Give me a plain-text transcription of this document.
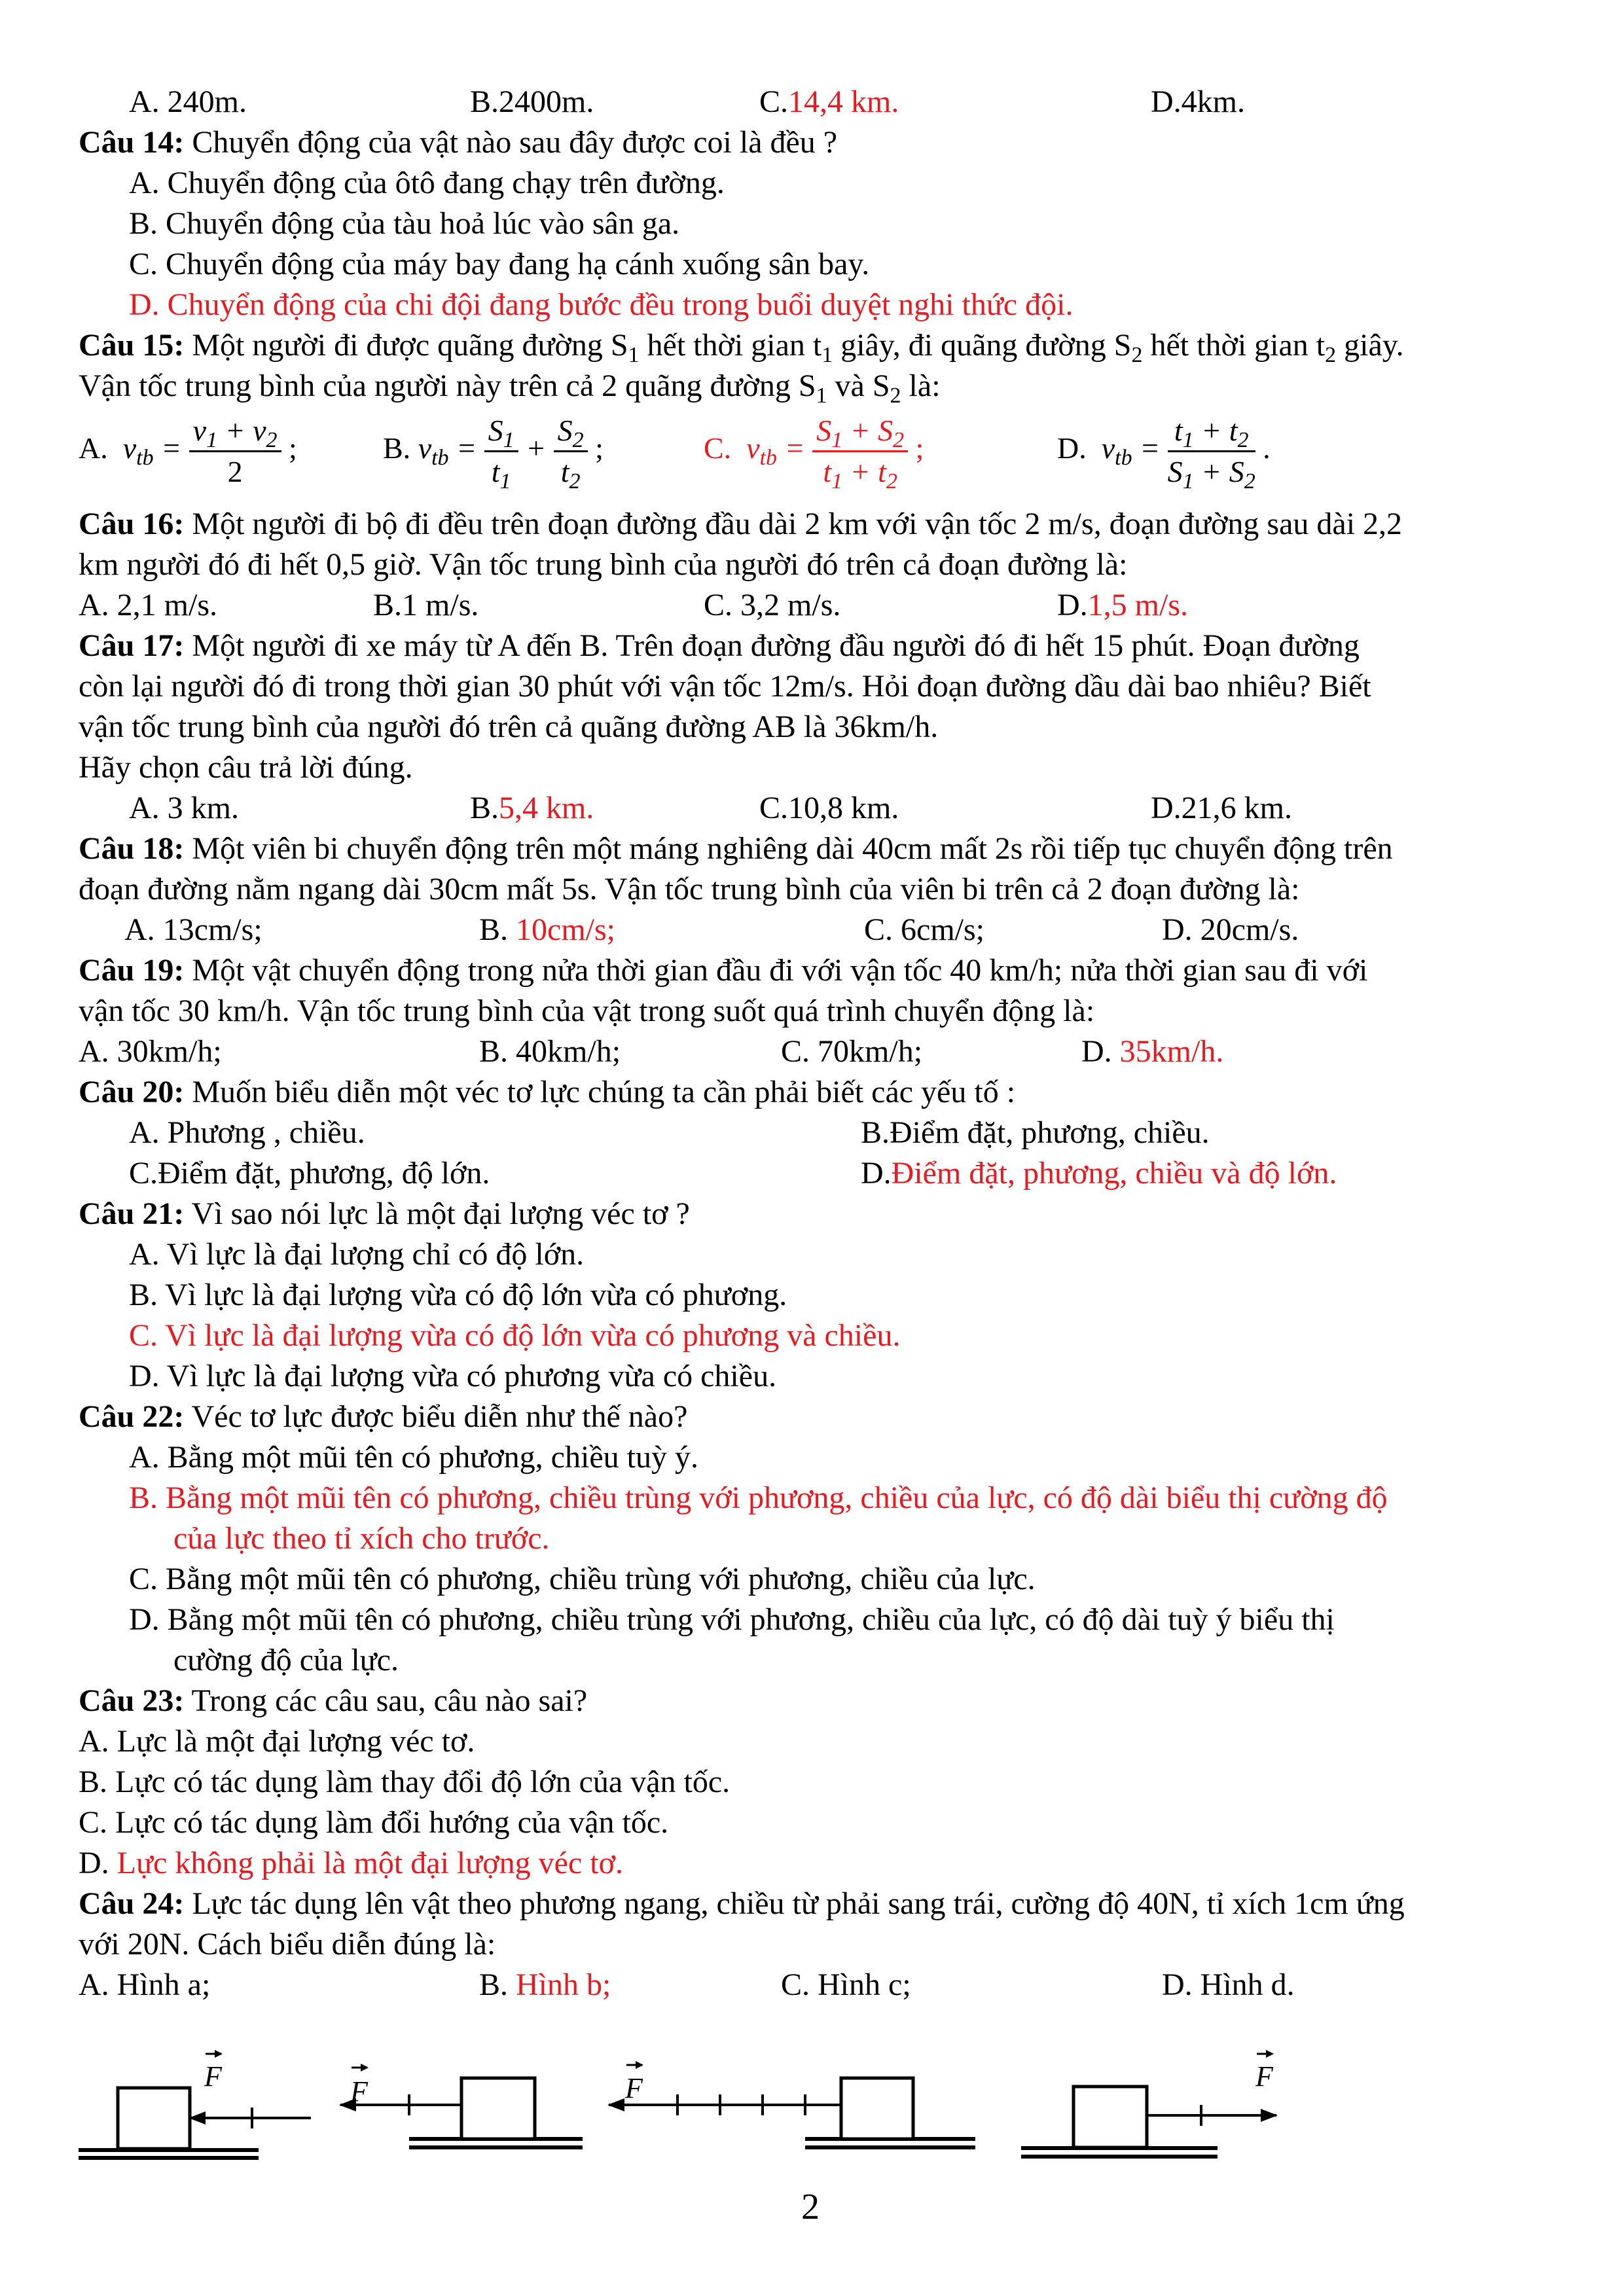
A. 240m.	B.2400m.	C.14,4 km.	D.4km.
Câu 14: Chuyển động của vật nào sau đây được coi là đều ?
A. Chuyển động của ôtô đang chạy trên đường.
B. Chuyển động của tàu hoả lúc vào sân ga.
C. Chuyển động của máy bay đang hạ cánh xuống sân bay.
D. Chuyển động của chi đội đang bước đều trong buổi duyệt nghi thức đội.
Câu 15: Một người đi được quãng đường $S_1$ hết thời gian $t_1$ giây, đi quãng đường $S_2$ hết thời gian $t_2$ giây.
Vận tốc trung bình của người này trên cả 2 quãng đường $S_1$ và $S_2$ là:
A.  $v_{tb} = \frac{v_1 + v_2}{2}$ ;	B. $v_{tb} = \frac{S_1}{t_1} + \frac{S_2}{t_2}$ ;	C.  $v_{tb} = \frac{S_1 + S_2}{t_1 + t_2}$ ;	D.  $v_{tb} = \frac{t_1 + t_2}{S_1 + S_2}$ .
Câu 16: Một người đi bộ đi đều trên đoạn đường đầu dài 2 km với vận tốc 2 m/s, đoạn đường sau dài 2,2
km người đó đi hết 0,5 giờ. Vận tốc trung bình của người đó trên cả đoạn đường là:
A. 2,1 m/s.	B.1 m/s.	C. 3,2 m/s.	D.1,5 m/s.
Câu 17: Một người đi xe máy từ A đến B. Trên đoạn đường đầu người đó đi hết 15 phút. Đoạn đường
còn lại người đó đi trong thời gian 30 phút với vận tốc 12m/s. Hỏi đoạn đường dầu dài bao nhiêu? Biết
vận tốc trung bình của người đó trên cả quãng đường AB là 36km/h.
Hãy chọn câu trả lời đúng.
A. 3 km.	B.5,4 km.	C.10,8 km.	D.21,6 km.
Câu 18: Một viên bi chuyển động trên một máng nghiêng dài 40cm mất 2s rồi tiếp tục chuyển động trên
đoạn đường nằm ngang dài 30cm mất 5s. Vận tốc trung bình của viên bi trên cả 2 đoạn đường là:
A. 13cm/s;	B. 10cm/s;	C. 6cm/s;	D. 20cm/s.
Câu 19: Một vật chuyển động trong nửa thời gian đầu đi với vận tốc 40 km/h; nửa thời gian sau đi với
vận tốc 30 km/h. Vận tốc trung bình của vật trong suốt quá trình chuyển động là:
A. 30km/h;	B. 40km/h;	C. 70km/h;	D. 35km/h.
Câu 20: Muốn biểu diễn một véc tơ lực chúng ta cần phải biết các yếu tố :
A. Phương , chiều.	B.Điểm đặt, phương, chiều.
C.Điểm đặt, phương, độ lớn.	D.Điểm đặt, phương, chiều và độ lớn.
Câu 21: Vì sao nói lực là một đại lượng véc tơ ?
A. Vì lực là đại lượng chỉ có độ lớn.
B. Vì lực là đại lượng vừa có độ lớn vừa có phương.
C. Vì lực là đại lượng vừa có độ lớn vừa có phương và chiều.
D. Vì lực là đại lượng vừa có phương vừa có chiều.
Câu 22: Véc tơ lực được biểu diễn như thế nào?
A. Bằng một mũi tên có phương, chiều tuỳ ý.
B. Bằng một mũi tên có phương, chiều trùng với phương, chiều của lực, có độ dài biểu thị cường độ
của lực theo tỉ xích cho trước.
C. Bằng một mũi tên có phương, chiều trùng với phương, chiều của lực.
D. Bằng một mũi tên có phương, chiều trùng với phương, chiều của lực, có độ dài tuỳ ý biểu thị
cường độ của lực.
Câu 23: Trong các câu sau, câu nào sai?
A. Lực là một đại lượng véc tơ.
B. Lực có tác dụng làm thay đổi độ lớn của vận tốc.
C. Lực có tác dụng làm đổi hướng của vận tốc.
D. Lực không phải là một đại lượng véc tơ.
Câu 24: Lực tác dụng lên vật theo phương ngang, chiều từ phải sang trái, cường độ 40N, tỉ xích 1cm ứng
với 20N. Cách biểu diễn đúng là:
A. Hình a;	B. Hình b;	C. Hình c;	D. Hình d.
F	F	F	F
2
